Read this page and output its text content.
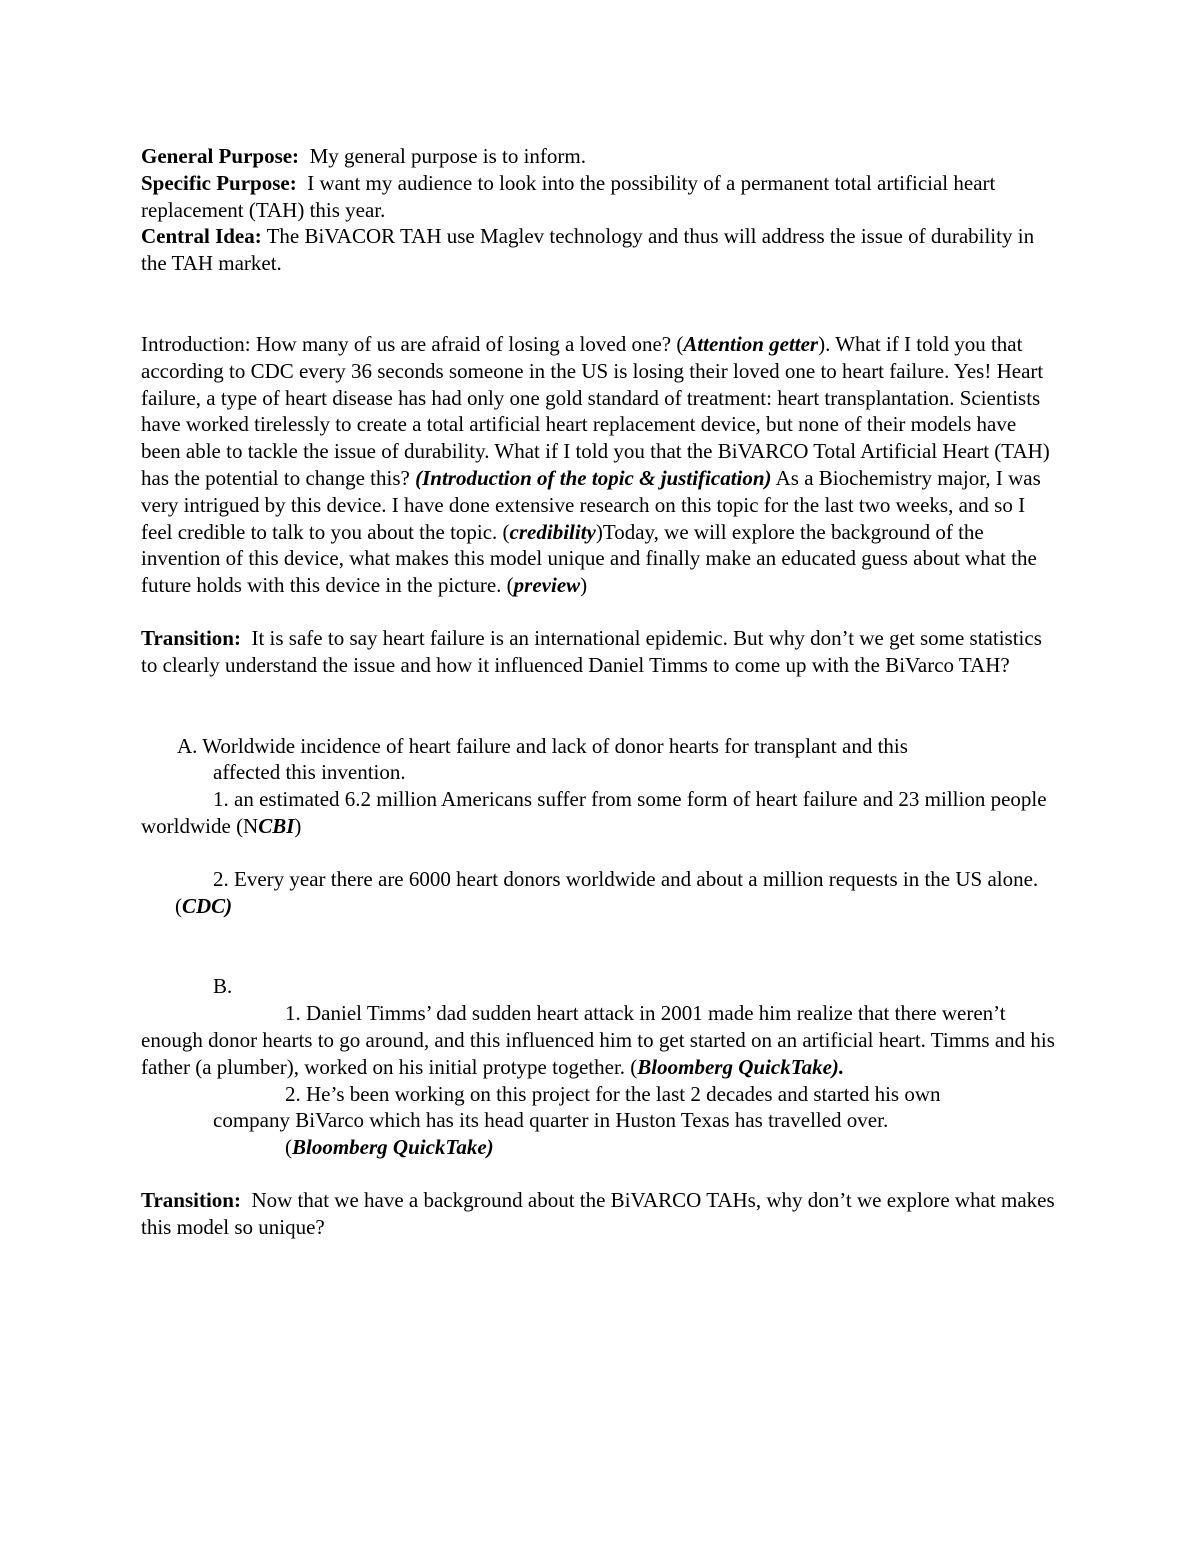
General Purpose: My general purpose is to inform.

Specific Purpose: I want my audience to look into the possibility of a permanent total artificial heart replacement (TAH) this year.

Central Idea: The BiVACOR TAH use Maglev technology and thus will address the issue of durability in the TAH market.

Introduction: How many of us are afraid of losing a loved one? (Attention getter). What if I told you that according to CDC every 36 seconds someone in the US is losing their loved one to heart failure. Yes! Heart failure, a type of heart disease has had only one gold standard of treatment: heart transplantation. Scientists have worked tirelessly to create a total artificial heart replacement device, but none of their models have been able to tackle the issue of durability. What if I told you that the BiVARCO Total Artificial Heart (TAH) has the potential to change this? (Introduction of the topic & justification) As a Biochemistry major, I was very intrigued by this device. I have done extensive research on this topic for the last two weeks, and so I feel credible to talk to you about the topic. (credibility)Today, we will explore the background of the invention of this device, what makes this model unique and finally make an educated guess about what the future holds with this device in the picture. (preview)

Transition: It is safe to say heart failure is an international epidemic. But why don’t we get some statistics to clearly understand the issue and how it influenced Daniel Timms to come up with the BiVarco TAH?

A. Worldwide incidence of heart failure and lack of donor hearts for transplant and this

affected this invention.

1. an estimated 6.2 million Americans suffer from some form of heart failure and 23 million people worldwide (NCBI)

2. Every year there are 6000 heart donors worldwide and about a million requests in the US alone. (CDC)

B.

1. Daniel Timms’ dad sudden heart attack in 2001 made him realize that there weren’t enough donor hearts to go around, and this influenced him to get started on an artificial heart. Timms and his father (a plumber), worked on his initial protype together. (Bloomberg QuickTake).

2. He’s been working on this project for the last 2 decades and started his own

company BiVarco which has its head quarter in Huston Texas has travelled over.

(Bloomberg QuickTake)

Transition: Now that we have a background about the BiVARCO TAHs, why don’t we explore what makes this model so unique?
